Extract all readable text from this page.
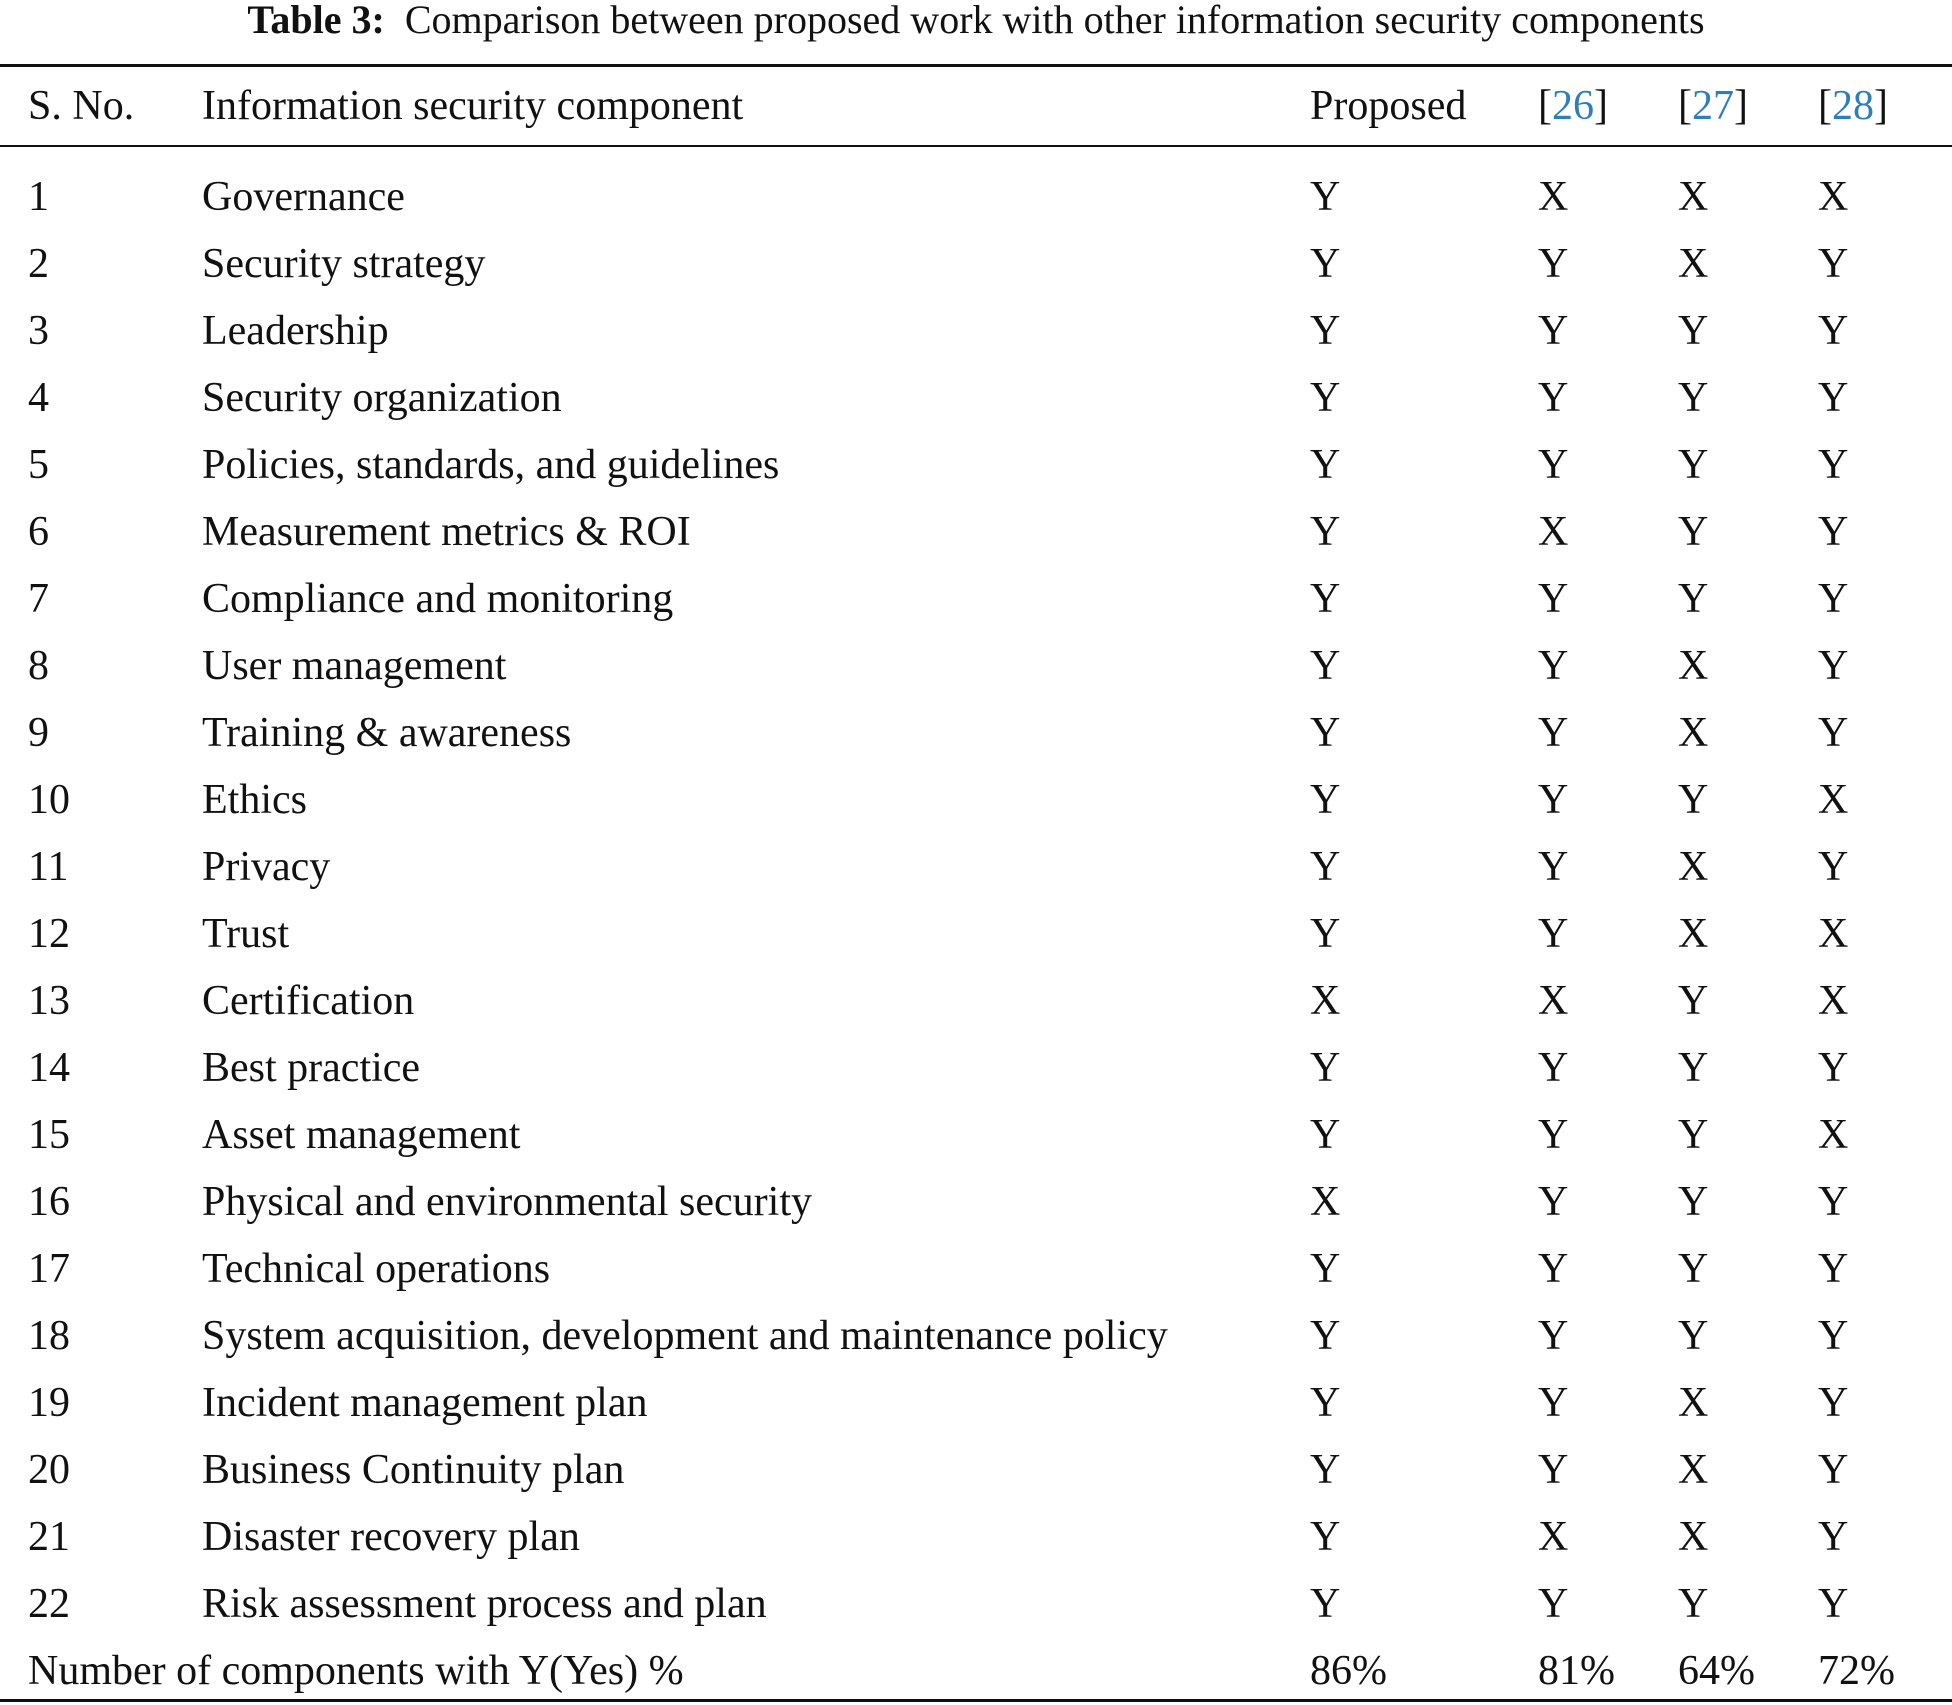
Table 3: Comparison between proposed work with other information security components
S. No.	Information security component	Proposed	[26]	[27]	[28]
1	Governance	Y	X	X	X
2	Security strategy	Y	Y	X	Y
3	Leadership	Y	Y	Y	Y
4	Security organization	Y	Y	Y	Y
5	Policies, standards, and guidelines	Y	Y	Y	Y
6	Measurement metrics & ROI	Y	X	Y	Y
7	Compliance and monitoring	Y	Y	Y	Y
8	User management	Y	Y	X	Y
9	Training & awareness	Y	Y	X	Y
10	Ethics	Y	Y	Y	X
11	Privacy	Y	Y	X	Y
12	Trust	Y	Y	X	X
13	Certification	X	X	Y	X
14	Best practice	Y	Y	Y	Y
15	Asset management	Y	Y	Y	X
16	Physical and environmental security	X	Y	Y	Y
17	Technical operations	Y	Y	Y	Y
18	System acquisition, development and maintenance policy	Y	Y	Y	Y
19	Incident management plan	Y	Y	X	Y
20	Business Continuity plan	Y	Y	X	Y
21	Disaster recovery plan	Y	X	X	Y
22	Risk assessment process and plan	Y	Y	Y	Y
Number of components with Y(Yes) %		86%	81%	64%	72%
